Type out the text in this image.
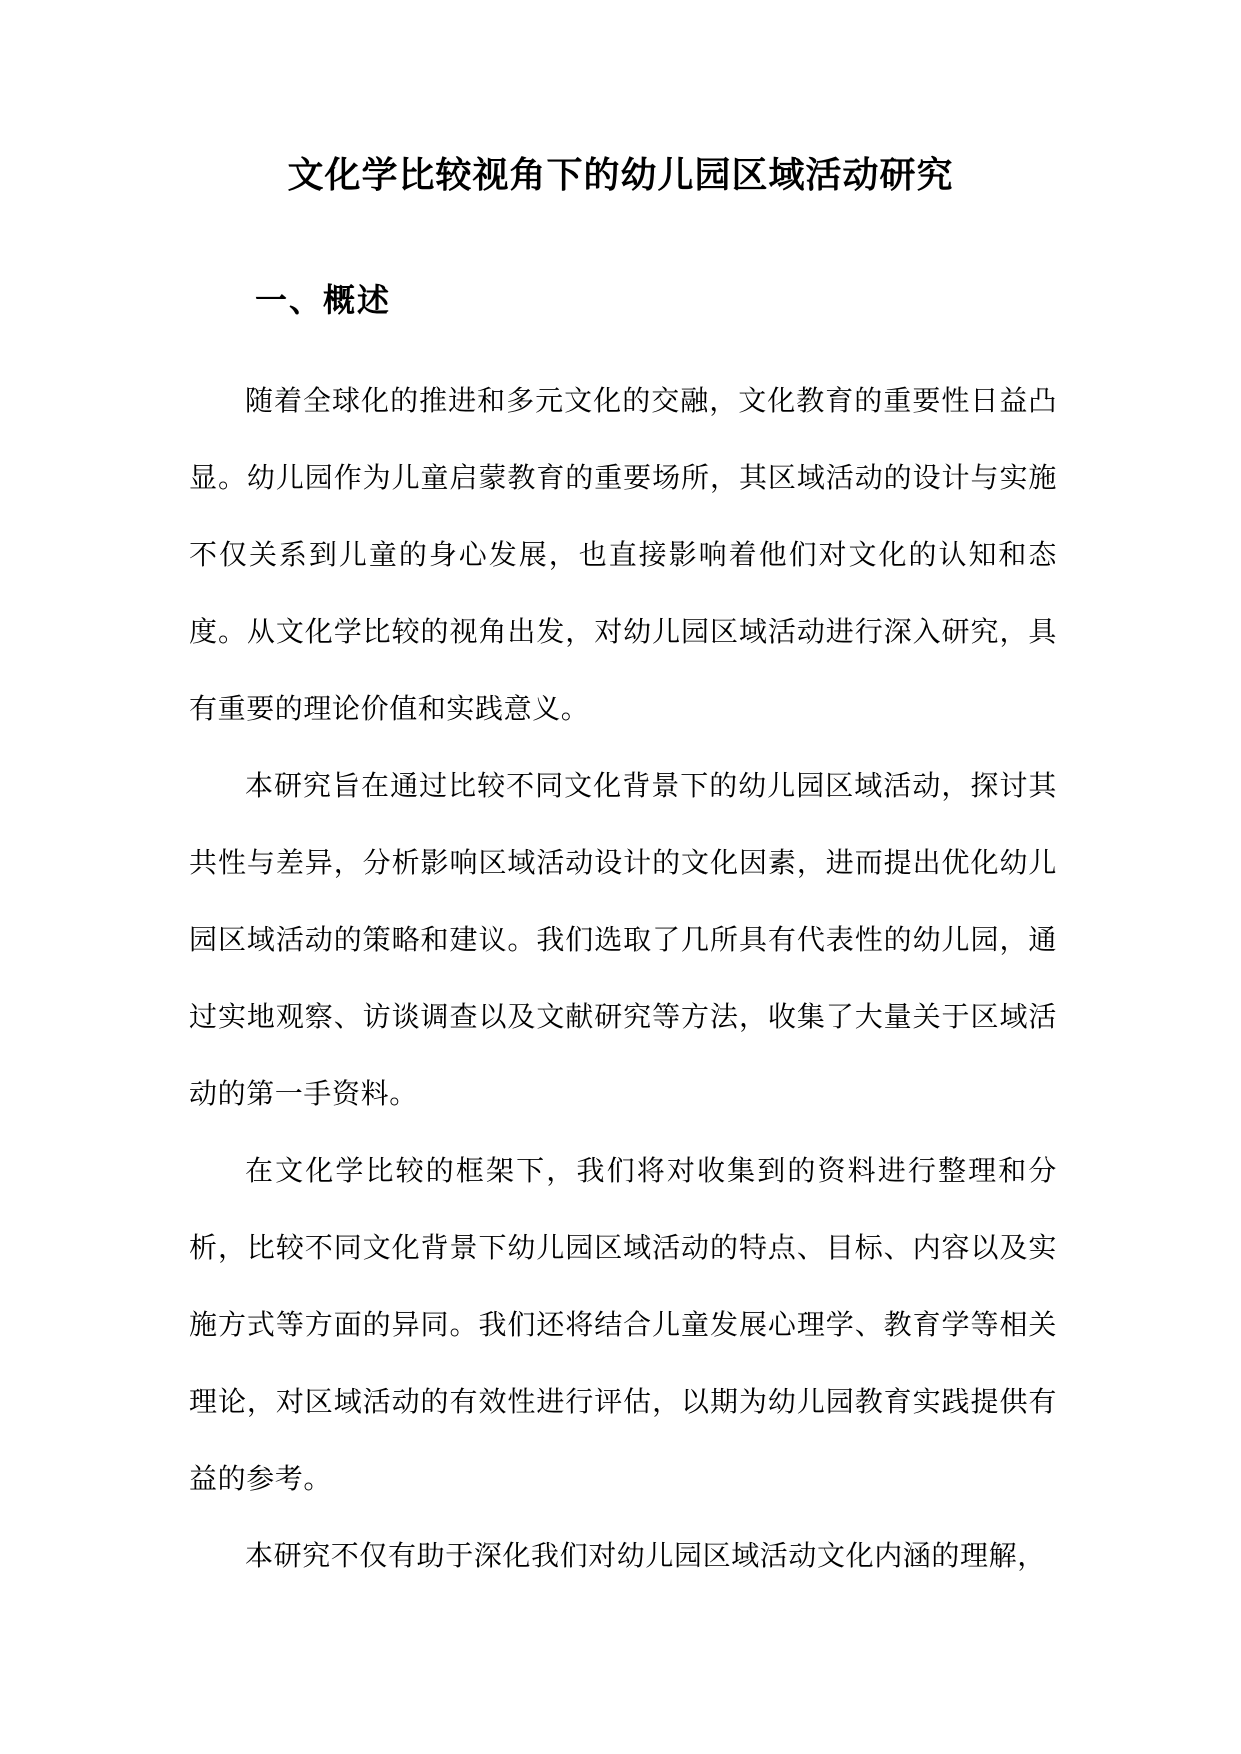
文化学比较视角下的幼儿园区域活动研究
一、概述

随着全球化的推进和多元文化的交融，文化教育的重要性日益凸显。幼儿园作为儿童启蒙教育的重要场所，其区域活动的设计与实施不仅关系到儿童的身心发展，也直接影响着他们对文化的认知和态度。从文化学比较的视角出发，对幼儿园区域活动进行深入研究，具有重要的理论价值和实践意义。

本研究旨在通过比较不同文化背景下的幼儿园区域活动，探讨其共性与差异，分析影响区域活动设计的文化因素，进而提出优化幼儿园区域活动的策略和建议。我们选取了几所具有代表性的幼儿园，通过实地观察、访谈调查以及文献研究等方法，收集了大量关于区域活动的第一手资料。

在文化学比较的框架下，我们将对收集到的资料进行整理和分析，比较不同文化背景下幼儿园区域活动的特点、目标、内容以及实施方式等方面的异同。我们还将结合儿童发展心理学、教育学等相关理论，对区域活动的有效性进行评估，以期为幼儿园教育实践提供有益的参考。

本研究不仅有助于深化我们对幼儿园区域活动文化内涵的理解，
